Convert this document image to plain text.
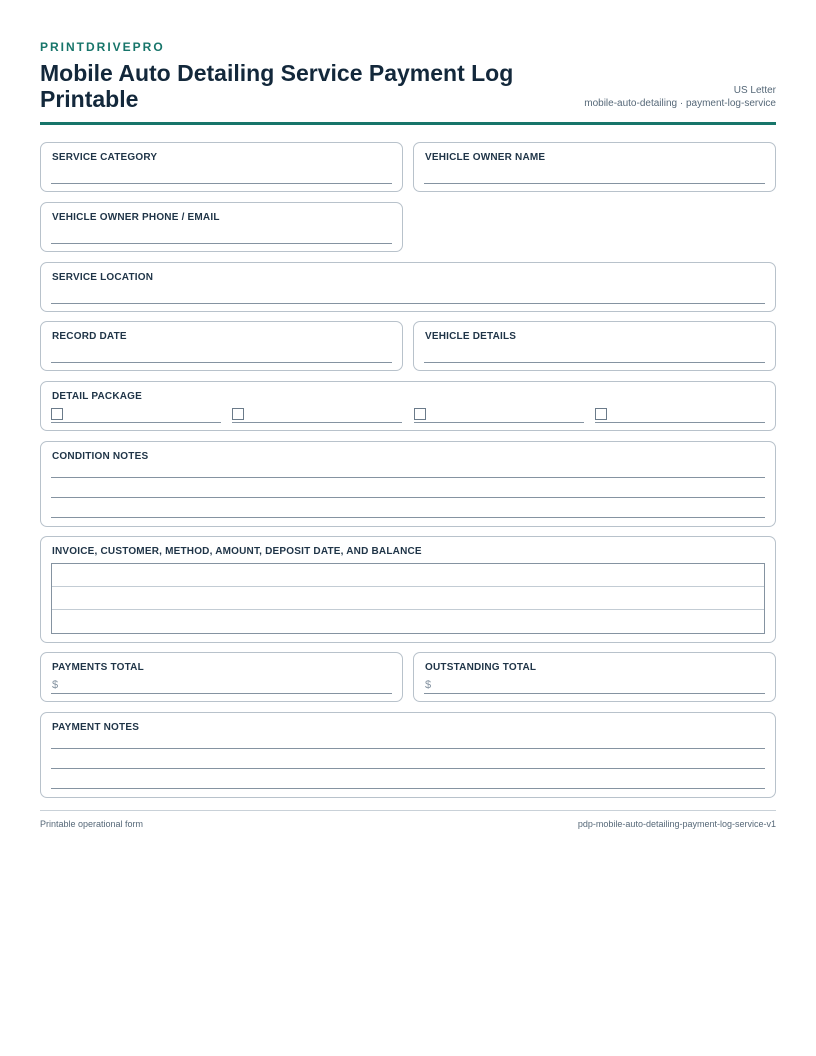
PRINTDRIVEPRO
Mobile Auto Detailing Service Payment Log Printable	US Letter
mobile-auto-detailing · payment-log-service
SERVICE CATEGORY	VEHICLE OWNER NAME
VEHICLE OWNER PHONE / EMAIL
SERVICE LOCATION
RECORD DATE	VEHICLE DETAILS
DETAIL PACKAGE
CONDITION NOTES
INVOICE, CUSTOMER, METHOD, AMOUNT, DEPOSIT DATE, AND BALANCE
PAYMENTS TOTAL
$
OUTSTANDING TOTAL
$
PAYMENT NOTES
Printable operational form	pdp-mobile-auto-detailing-payment-log-service-v1
